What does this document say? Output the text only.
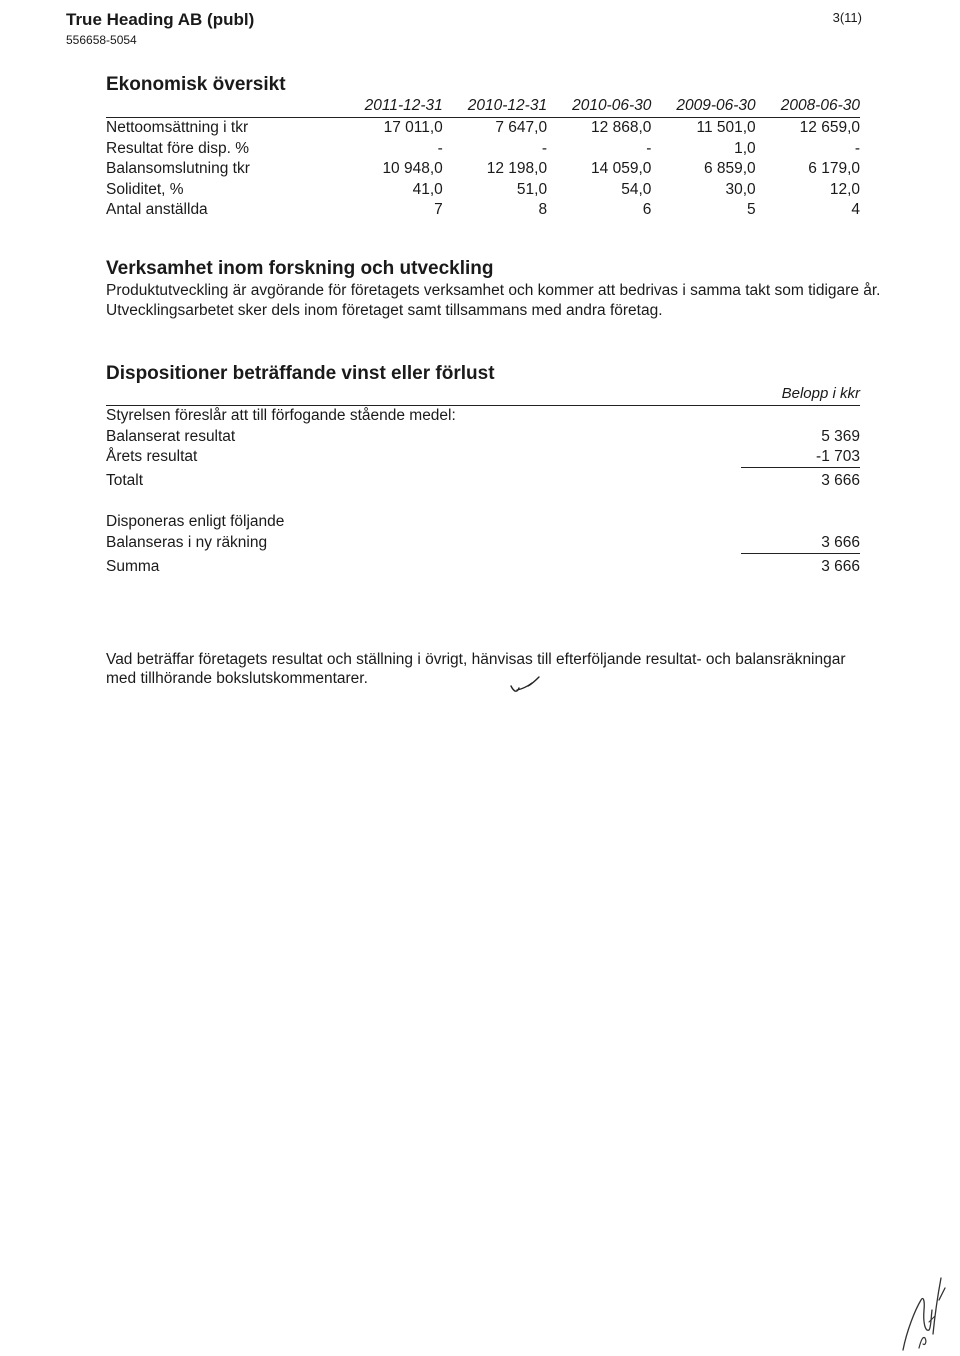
True Heading AB (publ)
556658-5054
3(11)
Ekonomisk översikt
	2011-12-31	2010-12-31	2010-06-30	2009-06-30	2008-06-30
Nettoomsättning i tkr	17 011,0	7 647,0	12 868,0	11 501,0	12 659,0
Resultat före disp. %	-	-	-	1,0	-
Balansomslutning tkr	10 948,0	12 198,0	14 059,0	6 859,0	6 179,0
Soliditet, %	41,0	51,0	54,0	30,0	12,0
Antal anställda	7	8	6	5	4
Verksamhet inom forskning och utveckling
Produktutveckling är avgörande för företagets verksamhet och kommer att bedrivas i samma takt som tidigare år. Utvecklingsarbetet sker dels inom företaget samt tillsammans med andra företag.
Dispositioner beträffande vinst eller förlust
Belopp i kkr
Styrelsen föreslår att till förfogande stående medel:
Balanserat resultat	5 369
Årets resultat	-1 703
Totalt	3 666
Disponeras enligt följande
Balanseras i ny räkning	3 666
Summa	3 666
Vad beträffar företagets resultat och ställning i övrigt, hänvisas till efterföljande resultat- och balansräkningar med tillhörande bokslutskommentarer.
